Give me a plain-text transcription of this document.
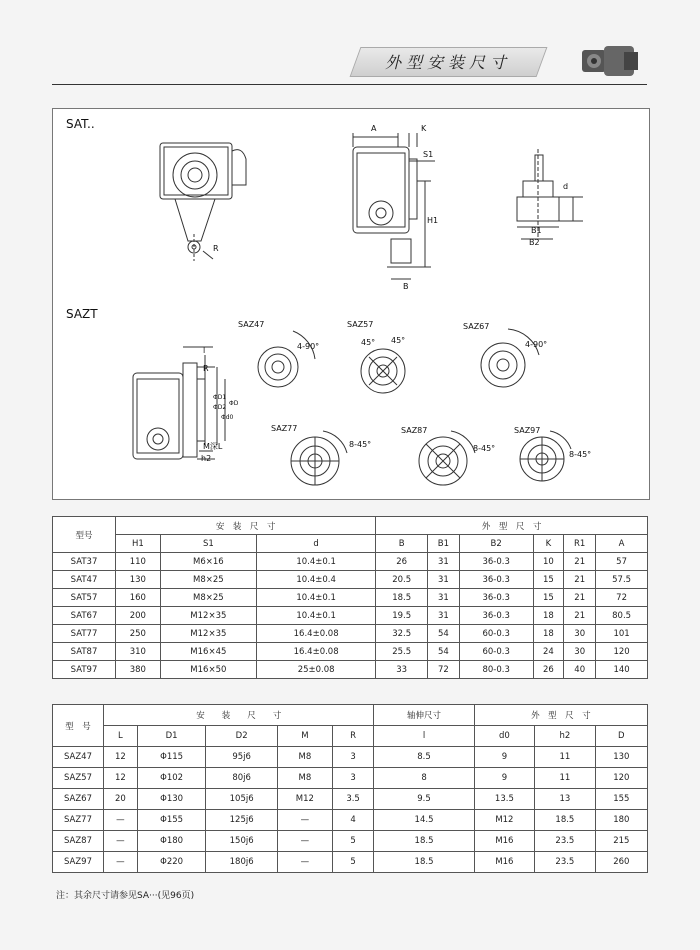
外型安装尺寸
SAT..
SAZT
A	K
S1
H1
B
d
B1
B2
R
l
R
M深L
h2
ΦD1
ΦD2
Φd0
ΦD
SAZ47
4-90°
SAZ57
45° 45°
SAZ67
4-90°
SAZ77
8-45°
SAZ87
8-45°
SAZ97
8-45°
型号	安　装　尺　寸			外　型　尺　寸					
	H1	S1	d	B	B1	B2	K	R1	A
SAT37	110	M6×16	10.4±0.1	26	31	36-0.3	10	21	57
SAT47	130	M8×25	10.4±0.4	20.5	31	36-0.3	15	21	57.5
SAT57	160	M8×25	10.4±0.1	18.5	31	36-0.3	15	21	72
SAT67	200	M12×35	10.4±0.1	19.5	31	36-0.3	18	21	80.5
SAT77	250	M12×35	16.4±0.08	32.5	54	60-0.3	18	30	101
SAT87	310	M16×45	16.4±0.08	25.5	54	60-0.3	24	30	120
SAT97	380	M16×50	25±0.08	33	72	80-0.3	26	40	140
型　号	安　　装　　尺　　寸					轴伸尺寸	外　型　尺　寸		
	L	D1	D2	M	R	l	d0	h2	D
SAZ47	12	Φ115	95j6	M8	3	8.5	9	11	130
SAZ57	12	Φ102	80j6	M8	3	8	9	11	120
SAZ67	20	Φ130	105j6	M12	3.5	9.5	13.5	13	155
SAZ77	—	Φ155	125j6	—	4	14.5	M12	18.5	180
SAZ87	—	Φ180	150j6	—	5	18.5	M16	23.5	215
SAZ97	—	Φ220	180j6	—	5	18.5	M16	23.5	260
注：其余尺寸请参见SA···(见96页)
